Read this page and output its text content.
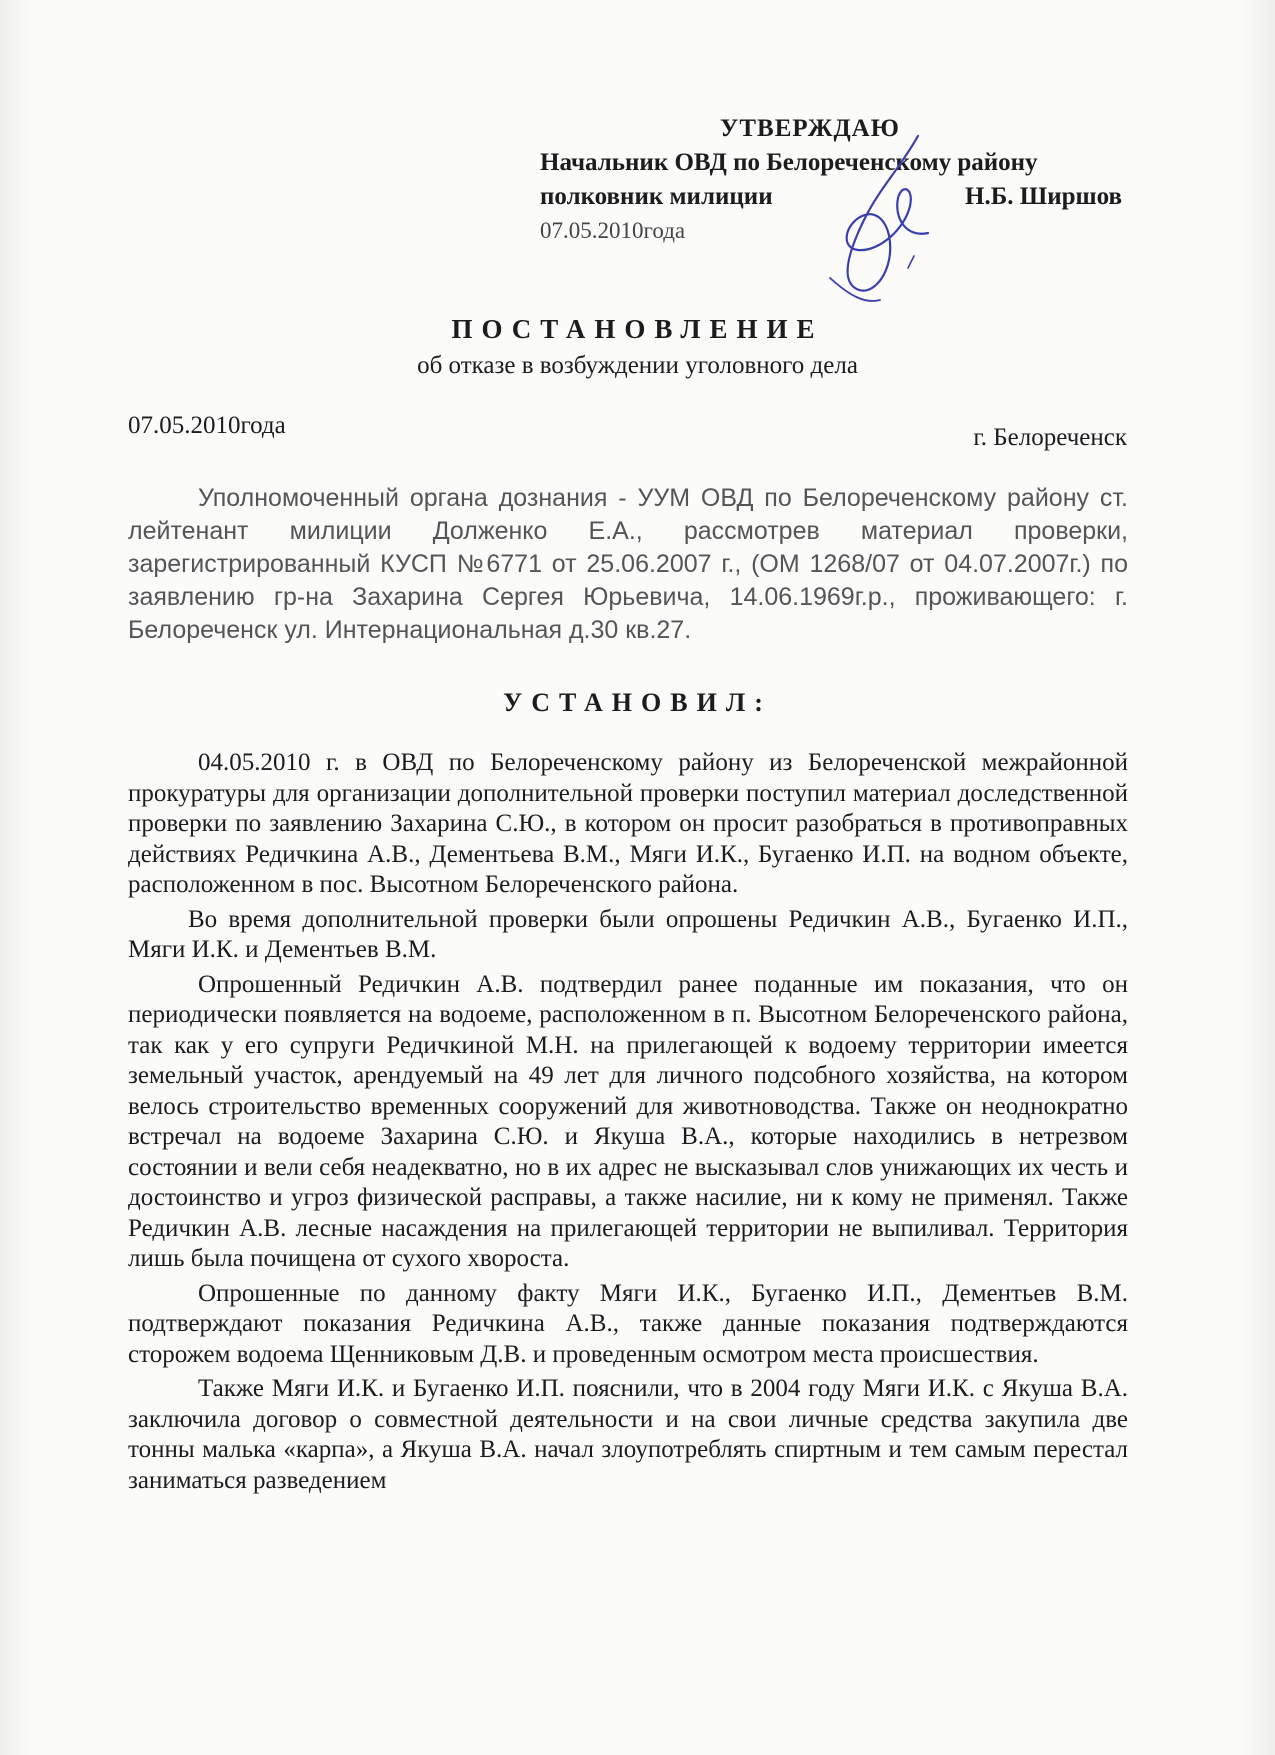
УТВЕРЖДАЮ
Начальник ОВД по Белореченскому району
полковник милиции	Н.Б. Ширшов
07.05.2010года
ПОСТАНОВЛЕНИЕ
об отказе в возбуждении уголовного дела
07.05.2010года	г. Белореченск

Уполномоченный органа дознания - УУМ ОВД по Белореченскому району ст. лейтенант милиции Долженко Е.А., рассмотрев материал проверки, зарегистрированный КУСП №6771 от 25.06.2007 г., (ОМ 1268/07 от 04.07.2007г.) по заявлению гр-на Захарина Сергея Юрьевича, 14.06.1969г.р., проживающего: г. Белореченск ул. Интернациональная д.30 кв.27.

УСТАНОВИЛ:

04.05.2010 г. в ОВД по Белореченскому району из Белореченской межрайонной прокуратуры для организации дополнительной проверки поступил материал доследственной проверки по заявлению Захарина С.Ю., в котором он просит разобраться в противоправных действиях Редичкина А.В., Дементьева В.М., Мяги И.К., Бугаенко И.П. на водном объекте, расположенном в пос. Высотном Белореченского района.

Во время дополнительной проверки были опрошены Редичкин А.В., Бугаенко И.П., Мяги И.К. и Дементьев В.М.

Опрошенный Редичкин А.В. подтвердил ранее поданные им показания, что он периодически появляется на водоеме, расположенном в п. Высотном Белореченского района, так как у его супруги Редичкиной М.Н. на прилегающей к водоему территории имеется земельный участок, арендуемый на 49 лет для личного подсобного хозяйства, на котором велось строительство временных сооружений для животноводства. Также он неоднократно встречал на водоеме Захарина С.Ю. и Якуша В.А., которые находились в нетрезвом состоянии и вели себя неадекватно, но в их адрес не высказывал слов унижающих их честь и достоинство и угроз физической расправы, а также насилие, ни к кому не применял. Также Редичкин А.В. лесные насаждения на прилегающей территории не выпиливал. Территория лишь была почищена от сухого хвороста.

Опрошенные по данному факту Мяги И.К., Бугаенко И.П., Дементьев В.М. подтверждают показания Редичкина А.В., также данные показания подтверждаются сторожем водоема Щенниковым Д.В. и проведенным осмотром места происшествия.

Также Мяги И.К. и Бугаенко И.П. пояснили, что в 2004 году Мяги И.К. с Якуша В.А. заключила договор о совместной деятельности и на свои личные средства закупила две тонны малька «карпа», а Якуша В.А. начал злоупотреблять спиртным и тем самым перестал заниматься разведением
